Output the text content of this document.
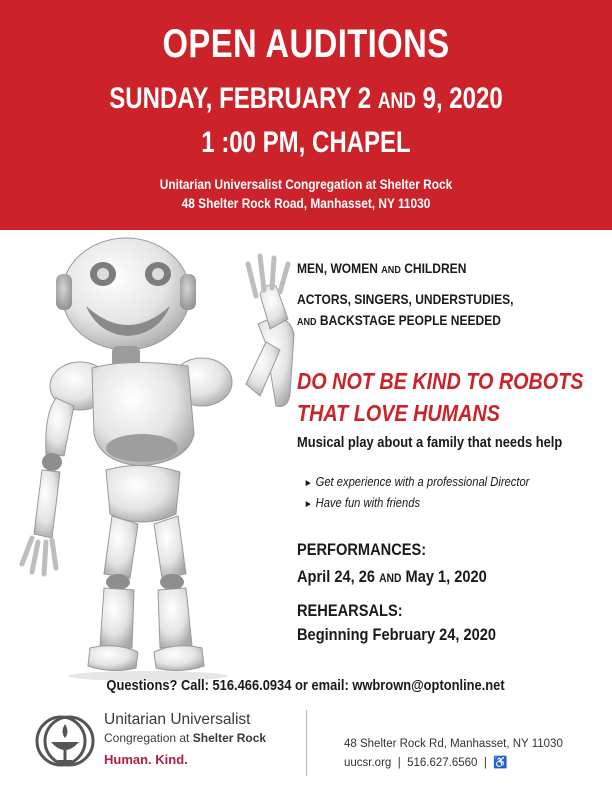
OPEN AUDITIONS
SUNDAY, FEBRUARY 2 AND 9, 2020
1 :00 PM, CHAPEL
Unitarian Universalist Congregation at Shelter Rock
48 Shelter Rock Road, Manhasset, NY 11030
MEN, WOMEN AND CHILDREN
ACTORS, SINGERS, UNDERSTUDIES,
AND BACKSTAGE PEOPLE NEEDED
DO NOT BE KIND TO ROBOTS
THAT LOVE HUMANS
Musical play about a family that needs help
► Get experience with a professional Director
► Have fun with friends
PERFORMANCES:
April 24, 26 AND May 1, 2020
REHEARSALS:
Beginning February 24, 2020
Questions? Call: 516.466.0934 or email: wwbrown@optonline.net
Unitarian Universalist
Congregation at Shelter Rock
Human. Kind.
48 Shelter Rock Rd, Manhasset, NY 11030
uucsr.org  |  516.627.6560  |  ♿
